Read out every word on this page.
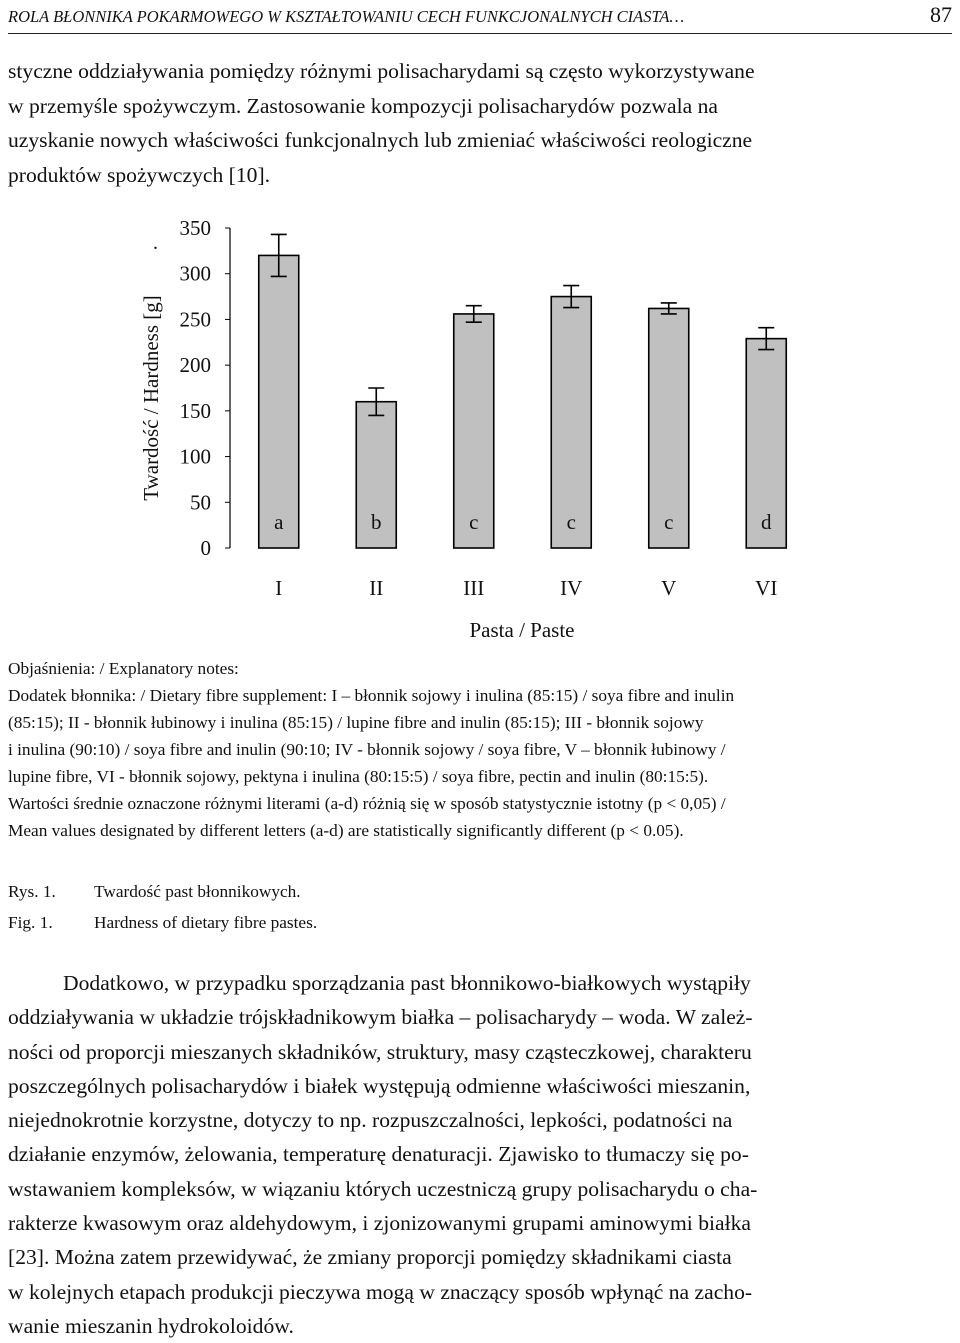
ROLA BŁONNIKA POKARMOWEGO W KSZTAŁTOWANIU CECH FUNKCJONALNYCH CIASTA…	87
styczne oddziaływania pomiędzy różnymi polisacharydami są często wykorzystywane
w przemyśle spożywczym. Zastosowanie kompozycji polisacharydów pozwala na
uzyskanie nowych właściwości funkcjonalnych lub zmieniać właściwości reologiczne
produktów spożywczych [10].
0
50
100
150
200
250
300
350
.
Twardość / Hardness [g]
a
I
b
II
c
III
c
IV
c
V
d
VI
Pasta / Paste
Objaśnienia: / Explanatory notes:
Dodatek błonnika: / Dietary fibre supplement: I – błonnik sojowy i inulina (85:15) / soya fibre and inulin
(85:15); II - błonnik łubinowy i inulina (85:15) / lupine fibre and inulin (85:15); III - błonnik sojowy
i inulina (90:10) / soya fibre and inulin (90:10; IV - błonnik sojowy / soya fibre, V – błonnik łubinowy /
lupine fibre, VI - błonnik sojowy, pektyna i inulina (80:15:5) / soya fibre, pectin and inulin (80:15:5).
Wartości średnie oznaczone różnymi literami (a-d) różnią się w sposób statystycznie istotny (p < 0,05) /
Mean values designated by different letters (a-d) are statistically significantly different (p < 0.05).
Rys. 1.	Twardość past błonnikowych.
Fig. 1.	Hardness of dietary fibre pastes.
Dodatkowo, w przypadku sporządzania past błonnikowo-białkowych wystąpiły
oddziaływania w układzie trójskładnikowym białka – polisacharydy – woda. W zależ-
ności od proporcji mieszanych składników, struktury, masy cząsteczkowej, charakteru
poszczególnych polisacharydów i białek występują odmienne właściwości mieszanin,
niejednokrotnie korzystne, dotyczy to np. rozpuszczalności, lepkości, podatności na
działanie enzymów, żelowania, temperaturę denaturacji. Zjawisko to tłumaczy się po-
wstawaniem kompleksów, w wiązaniu których uczestniczą grupy polisacharydu o cha-
rakterze kwasowym oraz aldehydowym, i zjonizowanymi grupami aminowymi białka
[23]. Można zatem przewidywać, że zmiany proporcji pomiędzy składnikami ciasta
w kolejnych etapach produkcji pieczywa mogą w znaczący sposób wpłynąć na zacho-
wanie mieszanin hydrokoloidów.
